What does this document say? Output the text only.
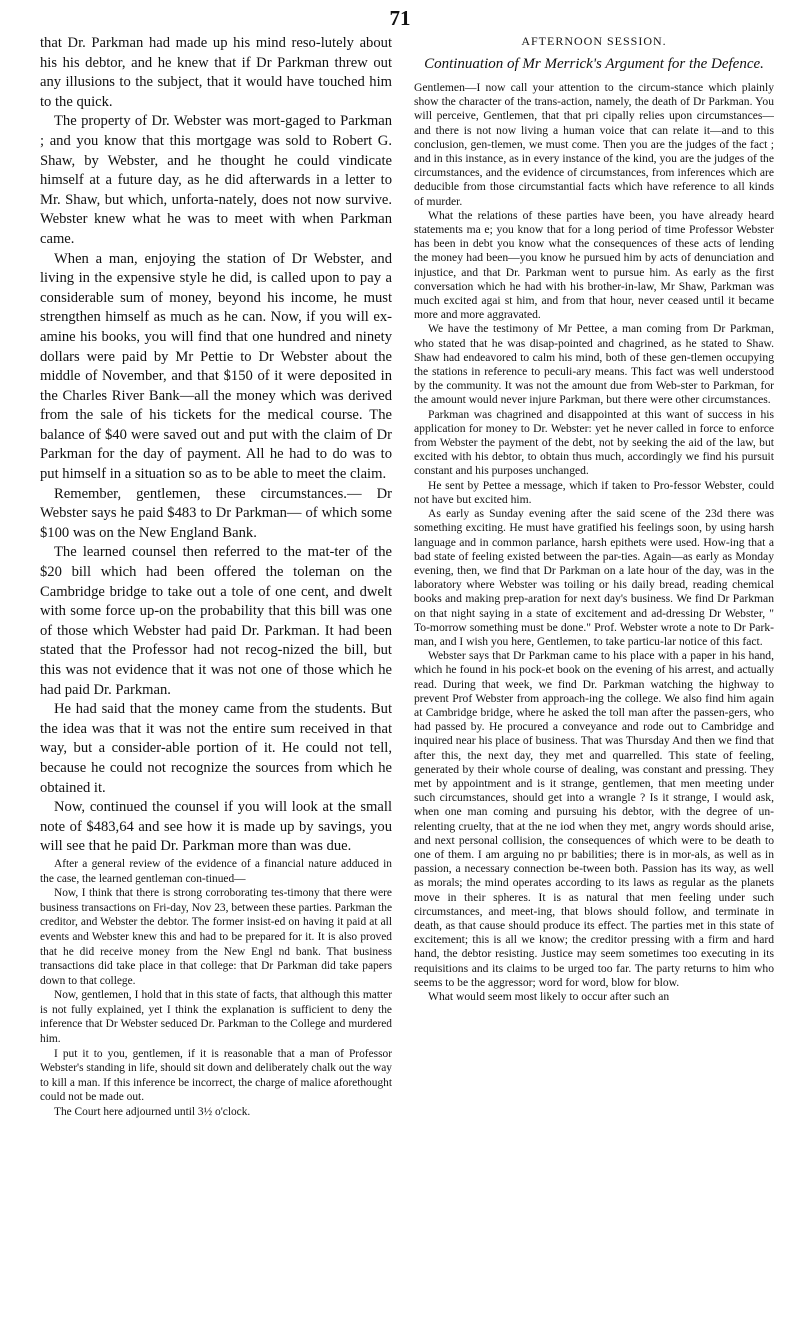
71

that Dr. Parkman had made up his mind reso-lutely about his his debtor, and he knew that if Dr Parkman threw out any illusions to the subject, that it would have touched him to the quick.

The property of Dr. Webster was mort-gaged to Parkman ; and you know that this mortgage was sold to Robert G. Shaw, by Webster, and he thought he could vindicate himself at a future day, as he did afterwards in a letter to Mr. Shaw, but which, unforta-nately, does not now survive. Webster knew what he was to meet with when Parkman came.

When a man, enjoying the station of Dr Webster, and living in the expensive style he did, is called upon to pay a considerable sum of money, beyond his income, he must strengthen himself as much as he can. Now, if you will ex-amine his books, you will find that one hundred and ninety dollars were paid by Mr Pettie to Dr Webster about the middle of November, and that $150 of it were deposited in the Charles River Bank—all the money which was derived from the sale of his tickets for the medical course. The balance of $40 were saved out and put with the claim of Dr Parkman for the day of payment. All he had to do was to put himself in a situation so as to be able to meet the claim.

Remember, gentlemen, these circumstances.— Dr Webster says he paid $483 to Dr Parkman— of which some $100 was on the New England Bank.

The learned counsel then referred to the mat-ter of the $20 bill which had been offered the toleman on the Cambridge bridge to take out a tole of one cent, and dwelt with some force up-on the probability that this bill was one of those which Webster had paid Dr. Parkman. It had been stated that the Professor had not recog-nized the bill, but this was not evidence that it was not one of those which he had paid Dr. Parkman.

He had said that the money came from the students. But the idea was that it was not the entire sum received in that way, but a consider-able portion of it. He could not tell, because he could not recognize the sources from which he obtained it.

Now, continued the counsel if you will look at the small note of $483,64 and see how it is made up by savings, you will see that he paid Dr. Parkman more than was due.

After a general review of the evidence of a financial nature adduced in the case, the learned gentleman con-tinued—

Now, I think that there is strong corroborating tes-timony that there were business transactions on Fri-day, Nov 23, between these parties. Parkman the creditor, and Webster the debtor. The former insist-ed on having it paid at all events and Webster knew this and had to be prepared for it. It is also proved that he did receive money from the New Engl nd bank. That business transactions did take place in that college: that Dr Parkman did take papers down to that college.

Now, gentlemen, I hold that in this state of facts, that although this matter is not fully explained, yet I think the explanation is sufficient to deny the inference that Dr Webster seduced Dr. Parkman to the College and murdered him.

I put it to you, gentlemen, if it is reasonable that a man of Professor Webster's standing in life, should sit down and deliberately chalk out the way to kill a man. If this inference be incorrect, the charge of malice aforethought could not be made out.

The Court here adjourned until 3½ o'clock.

AFTERNOON SESSION.
Continuation of Mr Merrick's Argument for the Defence.

Gentlemen—I now call your attention to the circum-stance which plainly show the character of the trans-action, namely, the death of Dr Parkman. You will perceive, Gentlemen, that that pri cipally relies upon circumstances—and there is not now living a human voice that can relate it—and to this conclusion, gen-tlemen, we must come. Then you are the judges of the fact ; and in this instance, as in every instance of the kind, you are the judges of the circumstances, and the evidence of circumstances, from inferences which are deducible from those circumstantial facts which have reference to all kinds of murder.

What the relations of these parties have been, you have already heard statements ma e; you know that for a long period of time Professor Webster has been in debt you know what the consequences of these acts of lending the money had been—you know he pursued him by acts of denunciation and injustice, and that Dr. Parkman went to pursue him. As early as the first conversation which he had with his brother-in-law, Mr Shaw, Parkman was much excited agai st him, and from that hour, never ceased until it became more and more aggravated.

We have the testimony of Mr Pettee, a man coming from Dr Parkman, who stated that he was disap-pointed and chagrined, as he stated to Shaw. Shaw had endeavored to calm his mind, both of these gen-tlemen occupying the stations in reference to peculi-ary means. This fact was well understood by the community. It was not the amount due from Web-ster to Parkman, for the amount would never injure Parkman, but there were other circumstances.

Parkman was chagrined and disappointed at this want of success in his application for money to Dr. Webster: yet he never called in force to enforce from Webster the payment of the debt, not by seeking the aid of the law, but excited with his debtor, to obtain thus much, accordingly we find his pursuit constant and his purposes unchanged.

He sent by Pettee a message, which if taken to Pro-fessor Webster, could not have but excited him.

As early as Sunday evening after the said scene of the 23d there was something exciting. He must have gratified his feelings soon, by using harsh language and in common parlance, harsh epithets were used. How-ing that a bad state of feeling existed between the par-ties. Again—as early as Monday evening, then, we find that Dr Parkman on a late hour of the day, was in the laboratory where Webster was toiling or his daily bread, reading chemical books and making prep-aration for next day's business. We find Dr Parkman on that night saying in a state of excitement and ad-dressing Dr Webster, " To-morrow something must be done." Prof. Webster wrote a note to Dr Park-man, and I wish you here, Gentlemen, to take particu-lar notice of this fact.

Webster says that Dr Parkman came to his place with a paper in his hand, which he found in his pock-et book on the evening of his arrest, and actually read. During that week, we find Dr. Parkman watching the highway to prevent Prof Webster from approach-ing the college. We also find him again at Cambridge bridge, where he asked the toll man after the passen-gers, who had passed by. He procured a conveyance and rode out to Cambridge and inquired near his place of business. That was Thursday And then we find that after this, the next day, they met and quarrelled. This state of feeling, generated by their whole course of dealing, was constant and pressing. They met by appointment and is it strange, gentlemen, that men meeting under such circumstances, should get into a wrangle ? Is it strange, I would ask, when one man coming and pursuing his debtor, with the degree of un-relenting cruelty, that at the ne iod when they met, angry words should arise, and next personal collision, the consequences of which were to be death to one of them. I am arguing no pr babilities; there is in mor-als, as well as in passion, a necessary connection be-tween both. Passion has its way, as well as morals; the mind operates according to its laws as regular as the planets move in their spheres. It is as natural that men feeling under such circumstances, and meet-ing, that blows should follow, and terminate in death, as that cause should produce its effect. The parties met in this state of excitement; this is all we know; the creditor pressing with a firm and hard hand, the debtor resisting. Justice may seem sometimes too executing in its requisitions and its claims to be urged too far. The party returns to him who seems to be the aggressor; word for word, blow for blow.

What would seem most likely to occur after such an
